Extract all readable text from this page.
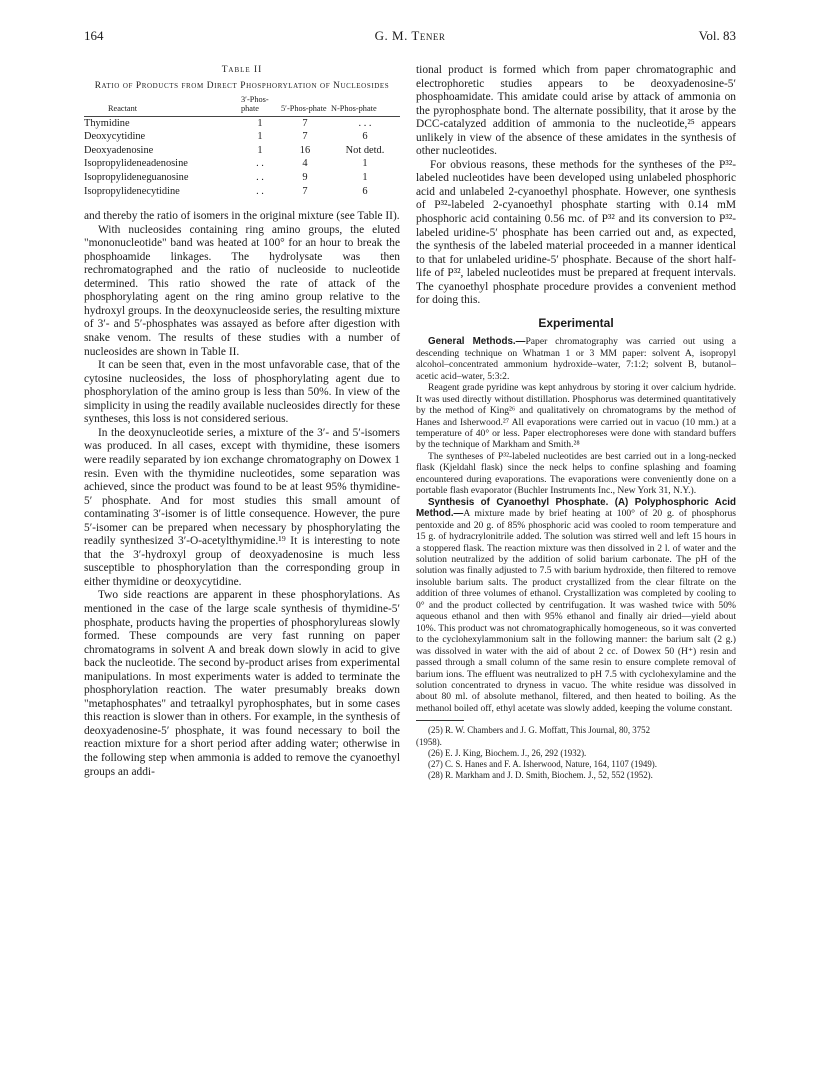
164	G. M. Tener	Vol. 83
Table II
Ratio of Products from Direct Phosphorylation of Nucleosides
Reactant	3′-Phos-phate	5′-Phos-phate	N-Phos-phate
Thymidine	1	7	. . .
Deoxycytidine	1	7	6
Deoxyadenosine	1	16	Not detd.
Isopropylideneadenosine	. .	4	1
Isopropylideneguanosine	. .	9	1
Isopropylidenecytidine	. .	7	6

and thereby the ratio of isomers in the original mixture (see Table II).

With nucleosides containing ring amino groups, the eluted "mononucleotide" band was heated at 100° for an hour to break the phosphoamide linkages. The hydrolysate was then rechromatographed and the ratio of nucleoside to nucleotide determined. This ratio showed the rate of attack of the phosphorylating agent on the ring amino group relative to the hydroxyl groups. In the deoxynucleoside series, the resulting mixture of 3′- and 5′-phosphates was assayed as before after digestion with snake venom. The results of these studies with a number of nucleosides are shown in Table II.

It can be seen that, even in the most unfavorable case, that of the cytosine nucleosides, the loss of phosphorylating agent due to phosphorylation of the amino group is less than 50%. In view of the simplicity in using the readily available nucleosides directly for these syntheses, this loss is not considered serious.

In the deoxynucleotide series, a mixture of the 3′- and 5′-isomers was produced. In all cases, except with thymidine, these isomers were readily separated by ion exchange chromatography on Dowex 1 resin. Even with the thymidine nucleotides, some separation was achieved, since the product was found to be at least 95% thymidine-5′ phosphate. And for most studies this small amount of contaminating 3′-isomer is of little consequence. However, the pure 5′-isomer can be prepared when necessary by phosphorylating the readily synthesized 3′-O-acetylthymidine.¹⁹ It is interesting to note that the 3′-hydroxyl group of deoxyadenosine is much less susceptible to phosphorylation than the corresponding group in either thymidine or deoxycytidine.

Two side reactions are apparent in these phosphorylations. As mentioned in the case of the large scale synthesis of thymidine-5′ phosphate, products having the properties of phosphorylureas slowly formed. These compounds are very fast running on paper chromatograms in solvent A and break down slowly in acid to give back the nucleotide. The second by-product arises from experimental manipulations. In most experiments water is added to terminate the phosphorylation reaction. The water presumably breaks down "metaphosphates" and tetraalkyl pyrophosphates, but in some cases this reaction is slower than in others. For example, in the synthesis of deoxyadenosine-5′ phosphate, it was found necessary to boil the reaction mixture for a short period after adding water; otherwise in the following step when ammonia is added to remove the cyanoethyl groups an addi-

tional product is formed which from paper chromatographic and electrophoretic studies appears to be deoxyadenosine-5′ phosphoamidate. This amidate could arise by attack of ammonia on the pyrophosphate bond. The alternate possibility, that it arose by the DCC-catalyzed addition of ammonia to the nucleotide,²⁵ appears unlikely in view of the absence of these amidates in the synthesis of other nucleotides.

For obvious reasons, these methods for the syntheses of the P³²-labeled nucleotides have been developed using unlabeled phosphoric acid and unlabeled 2-cyanoethyl phosphate. However, one synthesis of P³²-labeled 2-cyanoethyl phosphate starting with 0.14 mM phosphoric acid containing 0.56 mc. of P³² and its conversion to P³²-labeled uridine-5′ phosphate has been carried out and, as expected, the synthesis of the labeled material proceeded in a manner identical to that for unlabeled uridine-5′ phosphate. Because of the short half-life of P³², labeled nucleotides must be prepared at frequent intervals. The cyanoethyl phosphate procedure provides a convenient method for doing this.

Experimental

General Methods.—Paper chromatography was carried out using a descending technique on Whatman 1 or 3 MM paper: solvent A, isopropyl alcohol–concentrated ammonium hydroxide–water, 7:1:2; solvent B, butanol–acetic acid–water, 5:3:2.

Reagent grade pyridine was kept anhydrous by storing it over calcium hydride. It was used directly without distillation. Phosphorus was determined quantitatively by the method of King²⁶ and qualitatively on chromatograms by the method of Hanes and Isherwood.²⁷ All evaporations were carried out in vacuo (10 mm.) at a temperature of 40° or less. Paper electrophoreses were done with standard buffers by the technique of Markham and Smith.²⁸

The syntheses of P³²-labeled nucleotides are best carried out in a long-necked flask (Kjeldahl flask) since the neck helps to confine splashing and foaming encountered during evaporations. The evaporations were conveniently done on a portable flash evaporator (Buchler Instruments Inc., New York 31, N.Y.).

Synthesis of Cyanoethyl Phosphate. (A) Polyphosphoric Acid Method.—A mixture made by brief heating at 100° of 20 g. of phosphorus pentoxide and 20 g. of 85% phosphoric acid was cooled to room temperature and 15 g. of hydracrylonitrile added. The solution was stirred well and left 15 hours in a stoppered flask. The reaction mixture was then dissolved in 2 l. of water and the solution neutralized by the addition of solid barium carbonate. The pH of the solution was finally adjusted to 7.5 with barium hydroxide, then filtered to remove insoluble barium salts. The product crystallized from the clear filtrate on the addition of three volumes of ethanol. Crystallization was completed by cooling to 0° and the product collected by centrifugation. It was washed twice with 50% aqueous ethanol and then with 95% ethanol and finally air dried—yield about 10%. This product was not chromatographically homogeneous, so it was converted to the cyclohexylammonium salt in the following manner: the barium salt (2 g.) was dissolved in water with the aid of about 2 cc. of Dowex 50 (H⁺) resin and passed through a small column of the same resin to ensure complete removal of barium ions. The effluent was neutralized to pH 7.5 with cyclohexylamine and the solution concentrated to dryness in vacuo. The white residue was dissolved in about 80 ml. of absolute methanol, filtered, and then heated to boiling. As the methanol boiled off, ethyl acetate was slowly added, keeping the volume constant.

(25) R. W. Chambers and J. G. Moffatt, This Journal, 80, 3752
(1958).
(26) E. J. King, Biochem. J., 26, 292 (1932).
(27) C. S. Hanes and F. A. Isherwood, Nature, 164, 1107 (1949).
(28) R. Markham and J. D. Smith, Biochem. J., 52, 552 (1952).
